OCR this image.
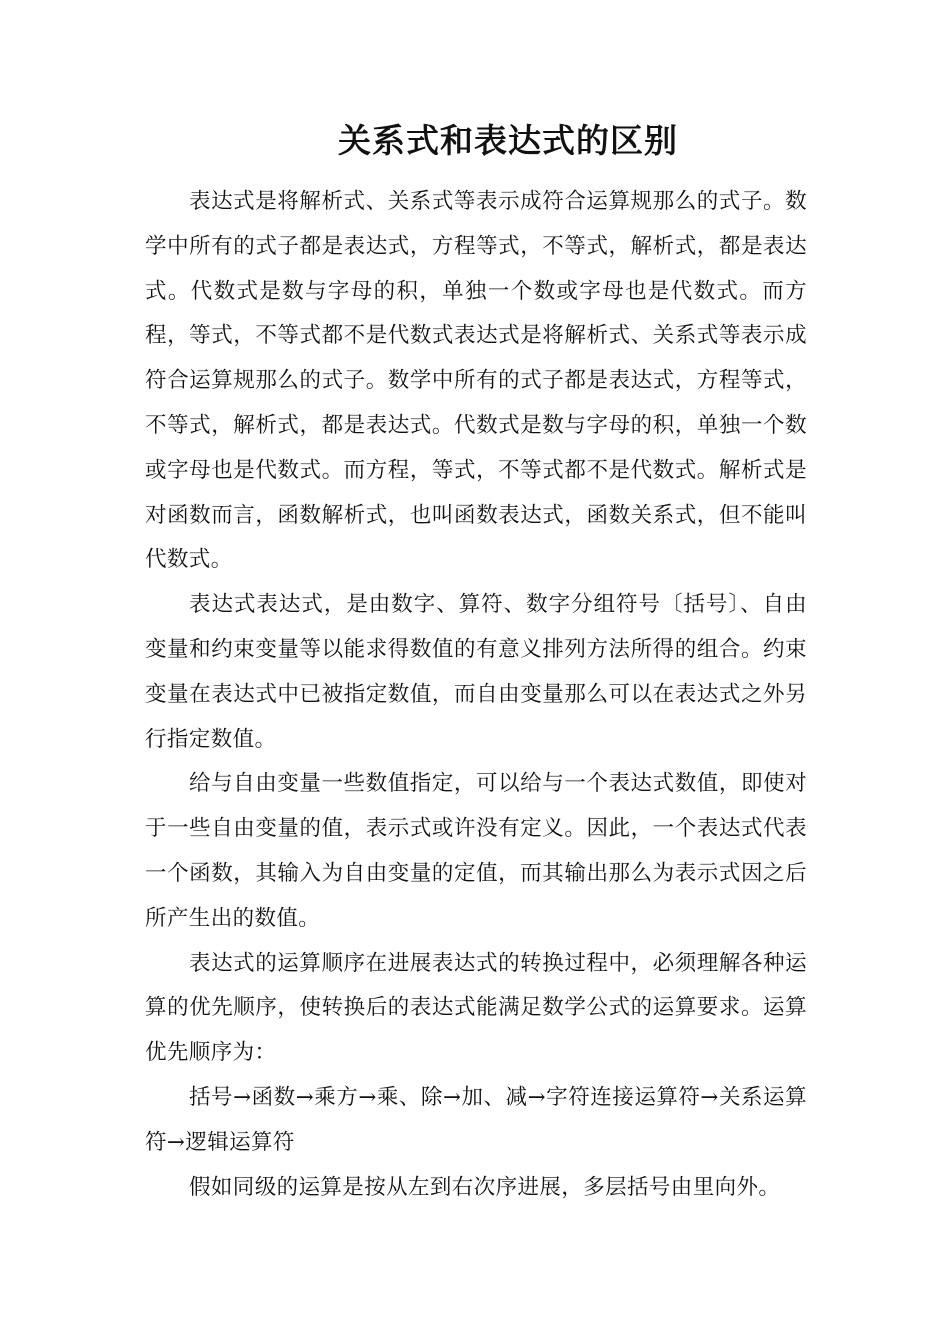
关系式和表达式的区别

表达式是将解析式、关系式等表示成符合运算规那么的式子。数学中所有的式子都是表达式，方程等式，不等式，解析式，都是表达式。代数式是数与字母的积，单独一个数或字母也是代数式。而方程，等式，不等式都不是代数式表达式是将解析式、关系式等表示成符合运算规那么的式子。数学中所有的式子都是表达式，方程等式，不等式，解析式，都是表达式。代数式是数与字母的积，单独一个数或字母也是代数式。而方程，等式，不等式都不是代数式。解析式是对函数而言，函数解析式，也叫函数表达式，函数关系式，但不能叫代数式。

表达式表达式，是由数字、算符、数字分组符号〔括号〕、自由变量和约束变量等以能求得数值的有意义排列方法所得的组合。约束变量在表达式中已被指定数值，而自由变量那么可以在表达式之外另行指定数值。

给与自由变量一些数值指定，可以给与一个表达式数值，即使对于一些自由变量的值，表示式或许没有定义。因此，一个表达式代表一个函数，其输入为自由变量的定值，而其输出那么为表示式因之后所产生出的数值。

表达式的运算顺序在进展表达式的转换过程中，必须理解各种运算的优先顺序，使转换后的表达式能满足数学公式的运算要求。运算优先顺序为：

括号→函数→乘方→乘、除→加、减→字符连接运算符→关系运算符→逻辑运算符

假如同级的运算是按从左到右次序进展，多层括号由里向外。
